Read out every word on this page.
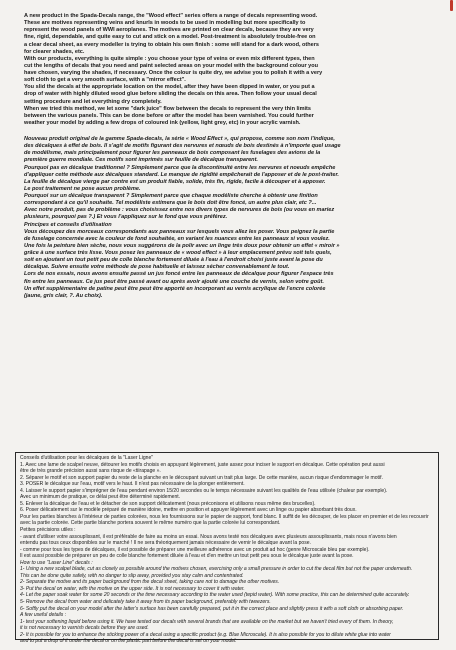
A new product in the Spada-Decals range, the "Wood effect" series offers a range of decals representing wood.

These are motives representing veins and knurls in woods to be used in modelling but more specifically to

represent the wood panels of WWI aeroplanes. The motives are printed on clear decals, because they are very

fine, rigid, dependable, and quite easy to cut and stick on a model. Post-treatment is absolutely trouble-free on

a clear decal sheet, as every modeller is trying to obtain his own finish : some will stand for a dark wood, others

for clearer shades, etc.

With our products, everything is quite simple : you choose your type of veins or even mix different types, then

cut the lengths of decals that you need and paint selected areas on your model with the background colour you

have chosen, varying the shades, if necessary. Once the colour is quite dry, we advise you to polish it with a very

soft cloth to get a very smooth surface, with a "mirror effect".

You slid the decals at the appropriate location on the model, after they have been dipped in water, or you put a

drop of water with highly diluted wood glue before sliding the decals on this area. Then follow your usual decal

setting procedure and let everything dry completely.

When we tried this method, we let some "dark juice" flow between the decals to represent the very thin limits

between the various panels. This can be done before or after the model has been varnished. You could further

weather your model by adding a few drops of coloured ink (yellow, light grey, etc) in your acrylic varnish.

Nouveau produit original de la gamme Spada-decals, la série « Wood Effect », qui propose, comme son nom l'indique,

des décalques à effet de bois. Il s'agit de motifs figurant des nervures et nœuds de bois destinés à n'importe quel usage

de modélisme, mais principalement pour figurer les panneaux de bois composant les fuselages des avions de la

première guerre mondiale. Ces motifs sont imprimés sur feuille de décalque transparent.

Pourquoi pas en décalque traditionnel ? Simplement parce que la discontinuité entre les nervures et noeuds empêche

d'appliquer cette méthode aux décalques standard. Le manque de rigidité empêcherait de l'apposer et de le post-traiter.

La feuille de décalque vierge par contre est un produit fiable, solide, très fin, rigide, facile à découper et à apposer.

Le post traitement ne pose aucun problème.

Pourquoi sur un décalque transparent ? Simplement parce que chaque modéliste cherche à obtenir une finition

correspondant à ce qu'il souhaite. Tel modéliste estimera que le bois doit être foncé, un autre plus clair, etc ?...

Avec notre produit, pas de problème : vous choisissez entre nos divers types de nervures de bois (ou vous en mariez

plusieurs, pourquoi pas ?.) Et vous l'appliquez sur le fond que vous préférez.

Principes et conseils d'utilisation

Vous découpez des morceaux correspondants aux panneaux sur lesquels vous allez les poser. Vous peignez la partie

de fuselage concernée avec la couleur de fond souhaitée, en variant les nuances entre les panneaux si vous voulez.

Une fois la peinture bien sèche, nous vous suggérons de la polir avec un linge très doux pour obtenir un effet « miroir »

grâce à une surface très lisse. Vous posez les panneaux de « wood effect » à leur emplacement prévu soit tels quels,

soit en ajoutant un tout petit peu de colle blanche fortement diluée à l'eau à l'endroit choisi juste avant la pose du

décalque. Suivre ensuite votre méthode de pose habituelle et laissez sécher convenablement le tout.

Lors de nos essais, nous avons ensuite passé un jus foncé entre les panneaux de décalque pour figurer l'espace très

fin entre les panneaux. Ce jus peut être passé avant ou après avoir ajouté une couche de vernis, selon votre goût.

Un effet supplémentaire de patine peut être peut être apporté en incorporant au vernis acrylique de l'encre colorée

(jaune, gris clair, ?. Au choix).

Conseils d'utilisation pour les décalques de la "Laser Ligne"

1. Avec une lame de scalpel neuve, détourer les motifs choisis en appuyant légèrement, juste assez pour inciser le support en décalque. Cette opération peut aussi

être de très grande précision aussi sans risque de «tiirapage ».

2. Séparer le motif et son support papier du reste de la planche en le découpant suivant un trait plus large. De cette manière, aucun risque d'endommager le motif.

3. POSER le décalque sur l'eau, motif vers le haut. Il n'est pas nécessaire de la plonger entièrement.

4. Laisser le support papier s'imprégner de l'eau pendant environ 15/20 secondes ou le temps nécessaire suivant les qualités de l'eau utilisée (chaleur par exemple).

Avec un minimum de pratique, ce délai peut être déterminé rapidement.

5. Enlever la décalque de l'eau et le détacher de son support délicatement (nous préconisons et utilisons nous même des brucelles).

6. Poser délicatement sur le modèle préparé de manière idoine, mettre en position et appuyer légèrement avec un linge ou papier absorbant très doux.

Pour les parties blanches à l'intérieur de parties colorées, nous les fournissons sur le papier de support, fond blanc. Il suffit de les découper, de les placer en premier et de les recouvrir

avec la partie colorée. Cette partie blanche portera souvent le même numéro que la partie colorée lui correspondant.

Petites précisions utiles :

- avant d'utiliser votre assouplissant, il est préférable de faire au moins un essai. Nous avons testé nos décalques avec plusieurs assouplissants, mais nous n'avons bien

entendu pas tous ceux disponibles sur le marché ! Il ne sera théoriquement jamais nécessaire de vernir le décalque avant la pose.

- comme pour tous les types de décalques, il est possible de préparer une meilleure adhérence avec un produit ad hoc (genre Microscale bleu par exemple).

Il est aussi possible de préparer un peu de colle blanche fortement diluée à l'eau et d'en mettre un tout petit peu sous le décalque juste avant la pose.

How to use "Laser Line" decals :

1- Using a new scalpel blade, cut as closely as possible around the motives chosen, exercising only a small pressure in order to cut the decal film but not the paper underneath.

This can be done quite safely, with no danger to slip away, provided you stay calm and contentrated.

2- Separate the motive and its paper background from the decal sheet, taking care not to damage the other motives.

3- Put the decal on water, with the motive on the upper side. It is not necessary to cover it with water.

4- Let the paper soak water for some 20 seconds or the time necessary according to the water used (tepid water). With some practice, this can be determined quite accurately.

5- Remove the decal from water and delicately take it away from its paper background, preferably with tweezers.

6- Softly put the decal on your model after the latter's surface has been carefully prepared, put it in the correct place and slightly press it with a soft cloth or absorbing paper.

A few useful details :

1- test your softening liquid before using it. We have tested our decals with several brands that are available on the market but we haven't tried every of them. In theory,

it is not necessary to varnish decals before they are used.

2- It is possible for you to enhance the sticking power of a decal using a specific product (e.g. Blue Microscale). It is also possible for you to dilute white glue into water

and to put a drop of it under the decal or on the plastic part before the decal is set on your model.
